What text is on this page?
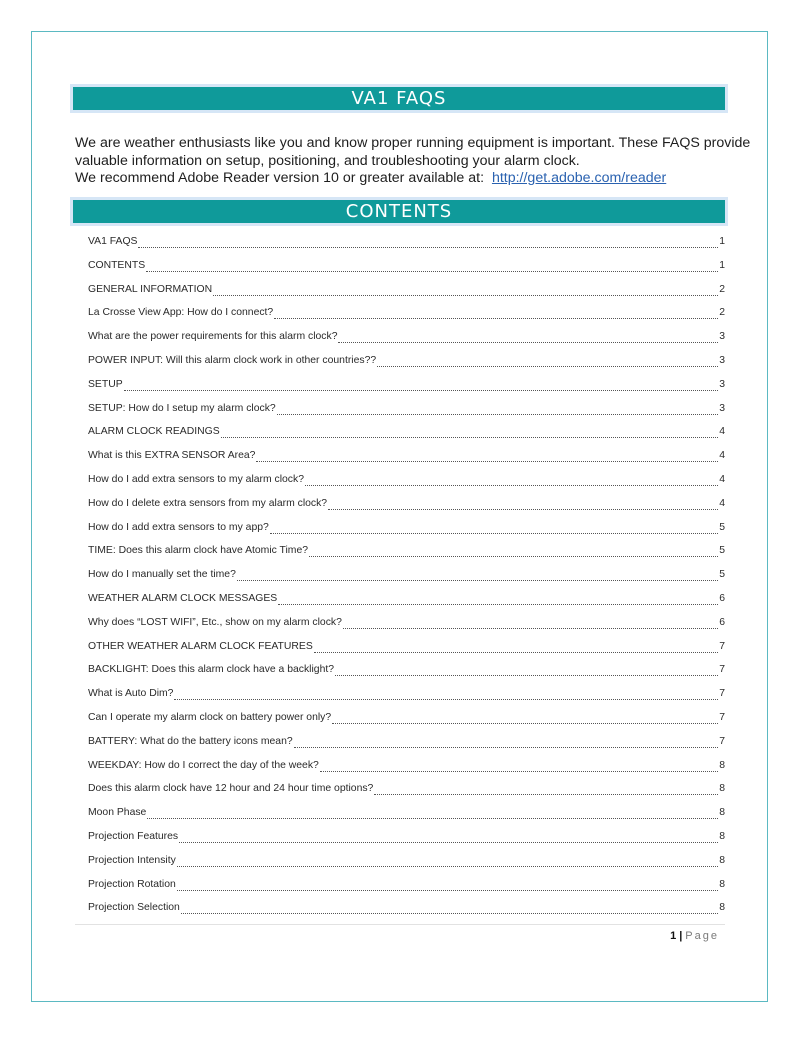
VA1 FAQS

We are weather enthusiasts like you and know proper running equipment is important. These FAQS provide

valuable information on setup, positioning, and troubleshooting your alarm clock.

We recommend Adobe Reader version 10 or greater available at: http://get.adobe.com/reader

CONTENTS
VA1 FAQS	1
CONTENTS	1
GENERAL INFORMATION	2
La Crosse View App: How do I connect?	2
What are the power requirements for this alarm clock?	3
POWER INPUT: Will this alarm clock work in other countries??	3
SETUP	3
SETUP: How do I setup my alarm clock?	3
ALARM CLOCK READINGS	4
What is this EXTRA SENSOR Area?	4
How do I add extra sensors to my alarm clock?	4
How do I delete extra sensors from my alarm clock?	4
How do I add extra sensors to my app?	5
TIME: Does this alarm clock have Atomic Time?	5
How do I manually set the time?	5
WEATHER ALARM CLOCK MESSAGES	6
Why does “LOST WIFI”, Etc., show on my alarm clock?	6
OTHER WEATHER ALARM CLOCK FEATURES	7
BACKLIGHT: Does this alarm clock have a backlight?	7
What is Auto Dim?	7
Can I operate my alarm clock on battery power only?	7
BATTERY: What do the battery icons mean?	7
WEEKDAY: How do I correct the day of the week?	8
Does this alarm clock have 12 hour and 24 hour time options?	8
Moon Phase	8
Projection Features	8
Projection Intensity	8
Projection Rotation	8
Projection Selection	8
1 | Page
